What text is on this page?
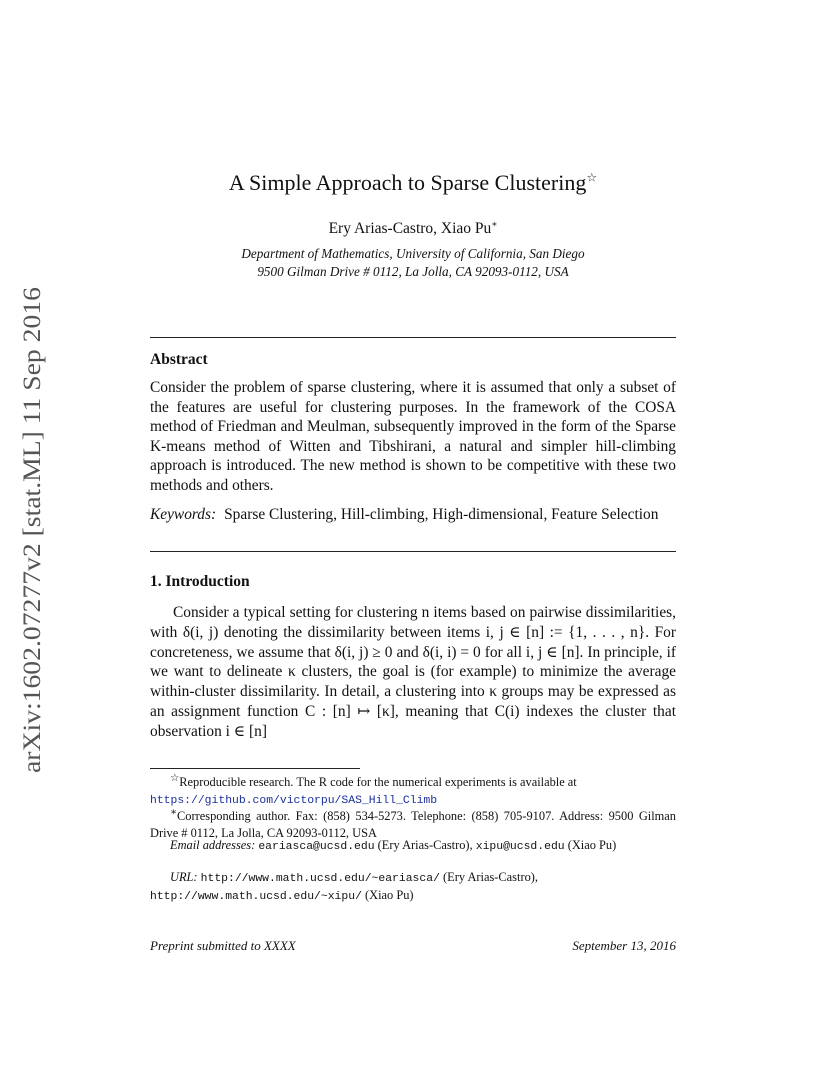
arXiv:1602.07277v2 [stat.ML] 11 Sep 2016
A Simple Approach to Sparse Clustering☆
Ery Arias-Castro, Xiao Pu∗
Department of Mathematics, University of California, San Diego
9500 Gilman Drive # 0112, La Jolla, CA 92093-0112, USA
Abstract
Consider the problem of sparse clustering, where it is assumed that only a subset of the features are useful for clustering purposes. In the framework of the COSA method of Friedman and Meulman, subsequently improved in the form of the Sparse K-means method of Witten and Tibshirani, a natural and simpler hill-climbing approach is introduced. The new method is shown to be competitive with these two methods and others.
Keywords: Sparse Clustering, Hill-climbing, High-dimensional, Feature Selection
1. Introduction
Consider a typical setting for clustering n items based on pairwise dissimilarities, with δ(i, j) denoting the dissimilarity between items i, j ∈ [n] := {1, . . . , n}. For concreteness, we assume that δ(i, j) ≥ 0 and δ(i, i) = 0 for all i, j ∈ [n]. In principle, if we want to delineate κ clusters, the goal is (for example) to minimize the average within-cluster dissimilarity. In detail, a clustering into κ groups may be expressed as an assignment function C : [n] ↦ [κ], meaning that C(i) indexes the cluster that observation i ∈ [n]
☆Reproducible research. The R code for the numerical experiments is available at
https://github.com/victorpu/SAS_Hill_Climb
∗Corresponding author. Fax: (858) 534-5273. Telephone: (858) 705-9107. Address: 9500 Gilman Drive # 0112, La Jolla, CA 92093-0112, USA
Email addresses: eariasca@ucsd.edu (Ery Arias-Castro), xipu@ucsd.edu (Xiao Pu)
URL: http://www.math.ucsd.edu/~eariasca/ (Ery Arias-Castro),
http://www.math.ucsd.edu/~xipu/ (Xiao Pu)
Preprint submitted to XXXX	September 13, 2016
